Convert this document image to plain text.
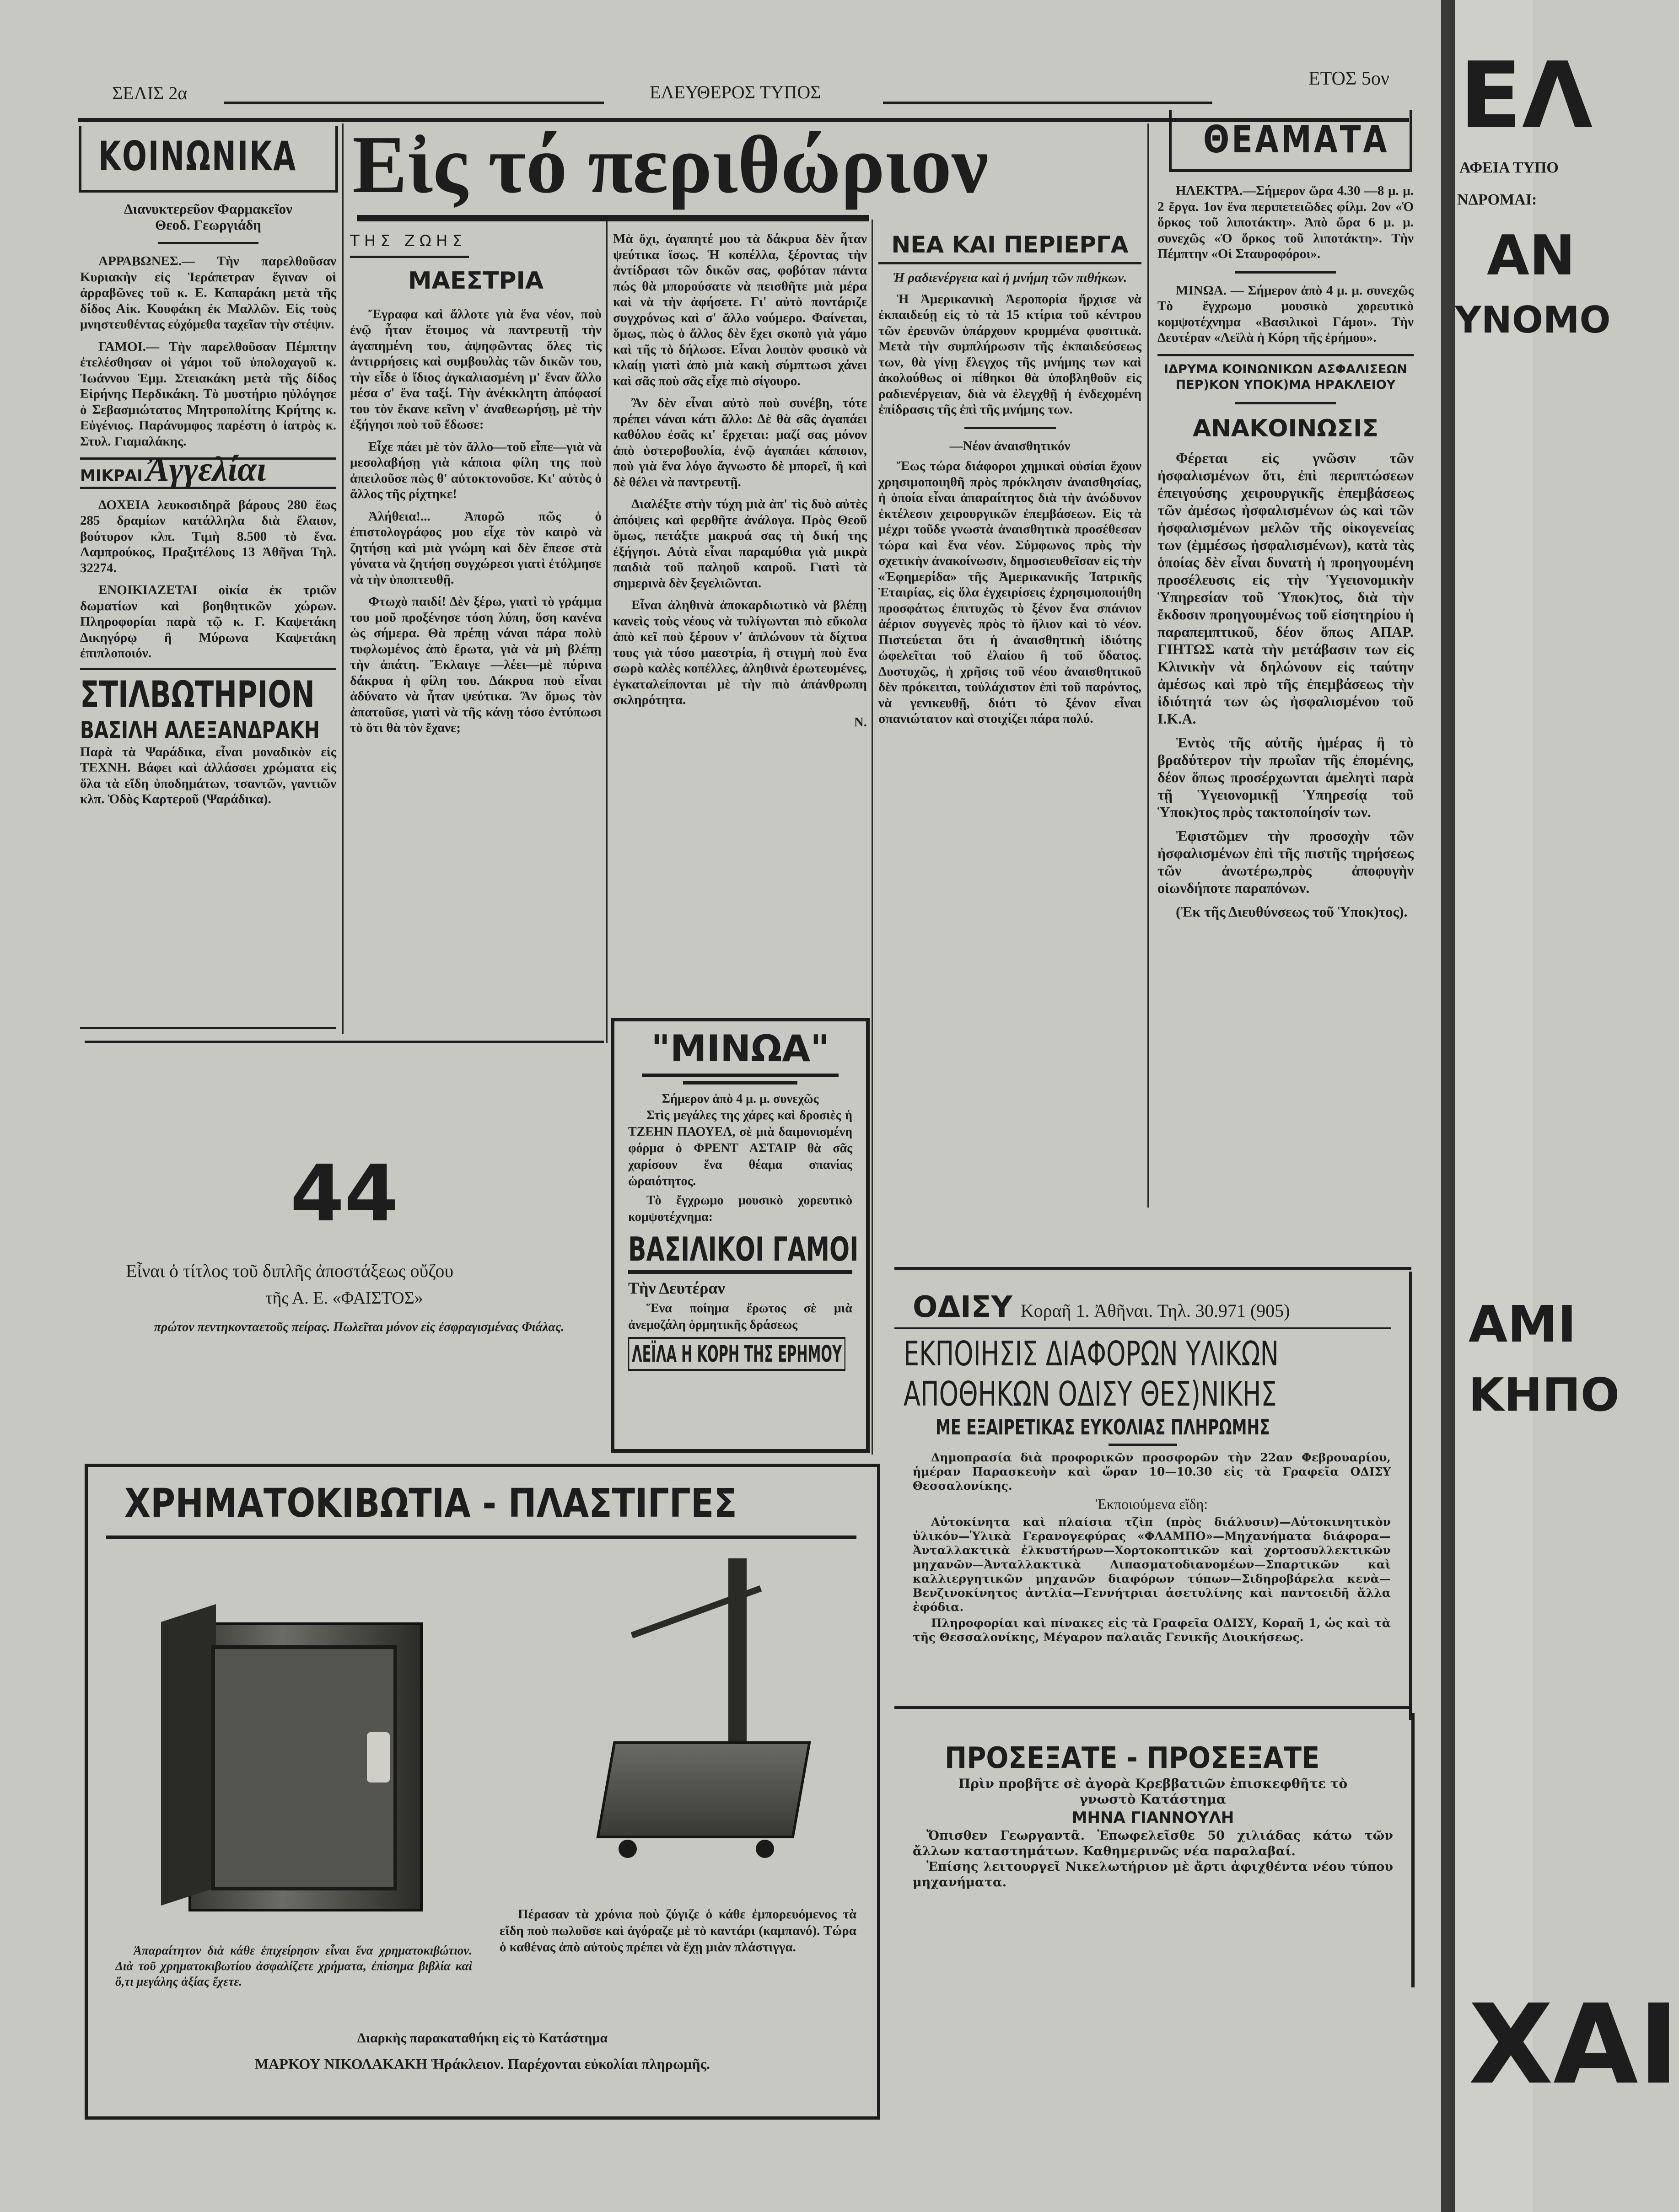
ΣΕΛΙΣ 2α	ΕΛΕΥΘΕΡΟΣ ΤΥΠΟΣ
ΕΤΟΣ 5ον
Εἰς τό περιθώριον
ΚΟΙΝΩΝΙΚΑ
Διανυκτερεῦον Φαρμακεῖον
Θεοδ. Γεωργιάδη

ΑΡΡΑΒΩΝΕΣ.— Τὴν παρελθοῦσαν Κυριακὴν εἰς Ἱεράπετραν ἔγιναν οἱ ἀρραβῶνες τοῦ κ. Ε. Καπαράκη μετὰ τῆς δίδος Αἰκ. Κουφάκη ἐκ Μαλλῶν. Εἰς τοὺς μνηστευθέντας εὐχόμεθα ταχεῖαν τὴν στέψιν.

ΓΑΜΟΙ.— Τὴν παρελθοῦσαν Πέμπτην ἐτελέσθησαν οἱ γάμοι τοῦ ὑπολοχαγοῦ κ. Ἰωάννου Ἐμμ. Στειακάκη μετὰ τῆς δίδος Εἰρήνης Περδικάκη. Τὸ μυστήριο ηὐλόγησε ὁ Σεβασμιώτατος Μητροπολίτης Κρήτης κ. Εὐγένιος. Παράνυμφος παρέστη ὁ ἰατρὸς κ. Στυλ. Γιαμαλάκης.

ΜΙΚΡΑΙ Ἀγγελίαι

ΔΟΧΕΙΑ λευκοσιδηρᾶ βάρους 280 ἕως 285 δραμίων κατάλληλα διὰ ἔλαιον, βούτυρον κλπ. Τιμὴ 8.500 τὸ ἕνα. Λαμπρούκος, Πραξιτέλους 13 Ἀθῆναι Τηλ. 32274.

ΕΝΟΙΚΙΑΖΕΤΑΙ οἰκία ἐκ τριῶν δωματίων καὶ βοηθητικῶν χώρων. Πληροφορίαι παρὰ τῷ κ. Γ. Καψετάκη Δικηγόρῳ ἢ Μύρωνα Καψετάκη ἐπιπλοποιόν.

ΣΤΙΛΒΩΤΗΡΙΟΝ
ΒΑΣΙΛΗ ΑΛΕΞΑΝΔΡΑΚΗ

Παρὰ τὰ Ψαράδικα, εἶναι μοναδικὸν εἰς ΤΕΧΝΗ. Βάφει καὶ ἀλλάσσει χρώματα εἰς ὅλα τὰ εἴδη ὑποδημάτων, τσαντῶν, γαντιῶν κλπ. Ὁδὸς Καρτεροῦ (Ψαράδικα).

ΤΗΣ ΖΩΗΣ
ΜΑΕΣΤΡΙΑ

Ἔγραφα καὶ ἄλλοτε γιὰ ἕνα νέον, ποὺ ἐνῷ ἦταν ἕτοιμος νὰ παντρευτῇ τὴν ἀγαπημένη του, ἀψηφῶντας ὅλες τὶς ἀντιρρήσεις καὶ συμβουλὰς τῶν δικῶν του, τὴν εἶδε ὁ ἴδιος ἀγκαλιασμένη μ' ἕναν ἄλλο μέσα σ' ἕνα ταξί. Τὴν ἀνέκκλητη ἀπόφασί του τὸν ἔκανε κεῖνη ν' ἀναθεωρήσῃ, μὲ τὴν ἐξήγησι ποὺ τοῦ ἔδωσε:

Εἶχε πάει μὲ τὸν ἄλλο—τοῦ εἶπε—γιὰ νὰ μεσολαβήσῃ γιὰ κάποια φίλη της ποὺ ἀπειλοῦσε πὼς θ' αὐτοκτονοῦσε. Κι' αὐτὸς ὁ ἄλλος τῆς ρίχτηκε!

Ἀλήθεια!... Ἀπορῶ πῶς ὁ ἐπιστολογράφος μου εἶχε τὸν καιρὸ νὰ ζητήσῃ καὶ μιὰ γνώμη καὶ δὲν ἔπεσε στὰ γόνατα νὰ ζητήσῃ συγχώρεσι γιατὶ ἐτόλμησε νὰ τὴν ὑποπτευθῇ.

Φτωχὸ παιδί! Δὲν ξέρω, γιατὶ τὸ γράμμα του μοῦ προξένησε τόση λύπη, ὅση κανένα ὡς σήμερα. Θὰ πρέπῃ νάναι πάρα πολὺ τυφλωμένος ἀπὸ ἔρωτα, γιὰ νὰ μὴ βλέπῃ τὴν ἀπάτη. Ἔκλαιγε —λέει—μὲ πύρινα δάκρυα ἡ φίλη του. Δάκρυα ποὺ εἶναι ἀδύνατο νὰ ἦταν ψεύτικα. Ἂν ὅμως τὸν ἀπατοῦσε, γιατὶ νὰ τῆς κάνῃ τόσο ἐντύπωσι τὸ ὅτι θὰ τὸν ἔχανε;

Μὰ ὄχι, ἀγαπητέ μου τὰ δάκρυα δὲν ἦταν ψεύτικα ἴσως. Ἡ κοπέλλα, ξέροντας τὴν ἀντίδρασι τῶν δικῶν σας, φοβόταν πάντα πώς θὰ μπορούσατε νὰ πεισθῆτε μιὰ μέρα καὶ νὰ τὴν ἀφήσετε. Γι' αὐτὸ ποντάριζε συγχρόνως καὶ σ' ἄλλο νούμερο. Φαίνεται, ὅμως, πὼς ὁ ἄλλος δὲν ἔχει σκοπὸ γιὰ γάμο καὶ τῆς τὸ δήλωσε. Εἶναι λοιπὸν φυσικὸ νὰ κλαίῃ γιατὶ ἀπὸ μιὰ κακὴ σύμπτωσι χάνει καὶ σᾶς ποὺ σᾶς εἶχε πιὸ σίγουρο.

Ἂν δὲν εἶναι αὐτὸ ποὺ συνέβη, τότε πρέπει νάναι κάτι ἄλλο: Δὲ θὰ σᾶς ἀγαπάει καθόλου ἐσᾶς κι' ἔρχεται: μαζί σας μόνον ἀπὸ ὑστεροβουλία, ἐνῷ ἀγαπάει κάποιον, ποὺ γιὰ ἕνα λόγο ἄγνωστο δὲ μπορεῖ, ἢ καὶ δὲ θέλει νὰ παντρευτῇ.

Διαλέξτε στὴν τύχη μιὰ ἀπ' τὶς δυὸ αὐτὲς ἀπόψεις καὶ φερθῆτε ἀνάλογα. Πρὸς Θεοῦ ὅμως, πετάξτε μακρυά σας τὴ δική της ἐξήγησι. Αὐτὰ εἶναι παραμύθια γιὰ μικρὰ παιδιὰ τοῦ παληοῦ καιροῦ. Γιατὶ τὰ σημερινὰ δὲν ξεγελιῶνται.

Εἶναι ἀληθινὰ ἀποκαρδιωτικὸ νὰ βλέπῃ κανεὶς τοὺς νέους νὰ τυλίγωνται πιὸ εὔκολα ἀπὸ κεῖ ποὺ ξέρουν ν' ἁπλώνουν τὰ δίχτυα τους γιὰ τόσο μαεστρία, ἢ στιγμὴ ποὺ ἕνα σωρὸ καλὲς κοπέλλες, ἀληθινὰ ἐρωτευμένες, ἐγκαταλείπονται μὲ τὴν πιὸ ἀπάνθρωπη σκληρότητα.

N.
ΝΕΑ ΚΑΙ ΠΕΡΙΕΡΓΑ
Ἡ ραδιενέργεια καὶ ἡ μνήμη τῶν πιθήκων.

Ἡ Ἀμερικανικὴ Ἀεροπορία ἤρχισε νὰ ἐκπαιδεύῃ εἰς τὸ τὰ 15 κτίρια τοῦ κέντρου τῶν ἐρευνῶν ὑπάρχουν κρυμμένα φυσιτικὰ. Μετὰ τὴν συμπλήρωσιν τῆς ἐκπαιδεύσεως των, θὰ γίνῃ ἔλεγχος τῆς μνήμης των καὶ ἀκολούθως οἱ πίθηκοι θὰ ὑποβληθοῦν εἰς ραδιενέργειαν, διὰ νὰ ἐλεγχθῇ ἡ ἐνδεχομένη ἐπίδρασις τῆς ἐπὶ τῆς μνήμης των.

—Νέον ἀναισθητικόν

Ἕως τώρα διάφοροι χημικαὶ οὐσίαι ἔχουν χρησιμοποιηθῆ πρὸς πρόκλησιν ἀναισθησίας, ἡ ὁποία εἶναι ἀπαραίτητος διὰ τὴν ἀνώδυνον ἐκτέλεσιν χειρουργικῶν ἐπεμβάσεων. Εἰς τὰ μέχρι τοῦδε γνωστὰ ἀναισθητικὰ προσέθεσαν τώρα καὶ ἕνα νέον. Σύμφωνος πρὸς τὴν σχετικὴν ἀνακοίνωσιν, δημοσιευθεῖσαν εἰς τὴν «Ἐφημερίδα» τῆς Ἀμερικανικῆς Ἰατρικῆς Ἑταιρίας, εἰς ὅλα ἐγχειρίσεις ἐχρησιμοποιήθη προσφάτως ἐπιτυχῶς τὸ ξένον ἔνα σπάνιον ἀέριον συγγενὲς πρὸς τὸ ἥλιον καὶ τὸ νέον. Πιστεύεται ὅτι ἡ ἀναισθητικὴ ἰδιότης ὠφελεῖται τοῦ ἐλαίου ἢ τοῦ ὕδατος. Δυστυχῶς, ἡ χρῆσις τοῦ νέου ἀναισθητικοῦ δὲν πρόκειται, τοὐλάχιστον ἐπὶ τοῦ παρόντος, νὰ γενικευθῇ, διότι τὸ ξένον εἶναι σπανιώτατον καὶ στοιχίζει πάρα πολύ.

ΘΕΑΜΑΤΑ

ΗΛΕΚΤΡΑ.—Σήμερον ὥρα 4.30 —8 μ. μ. 2 ἔργα. 1ον ἕνα περιπετειῶδες φίλμ. 2ον «Ὁ ὅρκος τοῦ λιποτάκτη». Ἀπὸ ὥρα 6 μ. μ. συνεχῶς «Ὁ ὅρκος τοῦ λιποτάκτη». Τὴν Πέμπτην «Οἱ Σταυροφόροι».

ΜΙΝΩΑ. — Σήμερον ἀπὸ 4 μ. μ. συνεχῶς Τὸ ἔγχρωμο μουσικὸ χορευτικὸ κομψοτέχνημα «Βασιλικοὶ Γάμοι». Τὴν Δευτέραν «Λεϊλὰ ἡ Κόρη τῆς ἐρήμου».

ΙΔΡΥΜΑ ΚΟΙΝΩΝΙΚΩΝ ΑΣΦΑΛΙΣΕΩΝ ΠΕΡ)ΚΟΝ ΥΠΟΚ)ΜΑ ΗΡΑΚΛΕΙΟΥ
ΑΝΑΚΟΙΝΩΣΙΣ

Φέρεται εἰς γνῶσιν τῶν ἠσφαλισμένων ὅτι, ἐπὶ περιπτώσεων ἐπειγούσης χειρουργικῆς ἐπεμβάσεως τῶν ἀμέσως ἠσφαλισμένων ὡς καὶ τῶν ἠσφαλισμένων μελῶν τῆς οἰκογενείας των (ἐμμέσως ἠσφαλισμένων), κατὰ τὰς ὁποίας δὲν εἶναι δυνατὴ ἡ προηγουμένη προσέλευσις εἰς τὴν Ὑγειονομικὴν Ὑπηρεσίαν τοῦ Ὑποκ)τος, διὰ τὴν ἔκδοσιν προηγουμένως τοῦ εἰσητηρίου ἡ παραπεμπτικοῦ, δέον ὅπως ΑΠΑΡ. ΓΙΗΤΩΣ κατὰ τὴν μετάβασιν των εἰς Κλινικὴν νὰ δηλώνουν εἰς ταύτην ἀμέσως καὶ πρὸ τῆς ἐπεμβάσεως τὴν ἰδιότητά των ὡς ἠσφαλισμένου τοῦ Ι.Κ.Α.

Ἐντὸς τῆς αὐτῆς ἡμέρας ἢ τὸ βραδύτερον τὴν πρωΐαν τῆς ἐπομένης, δέον ὅπως προσέρχωνται ἀμελητὶ παρὰ τῇ Ὑγειονομικῇ Ὑπηρεσίᾳ τοῦ Ὑποκ)τος πρὸς τακτοποίησίν των.

Ἐφιστῶμεν τὴν προσοχὴν τῶν ἠσφαλισμένων ἐπὶ τῆς πιστῆς τηρήσεως τῶν ἀνωτέρω,πρὸς ἀποφυγὴν οἱωνδήποτε παραπόνων.

(Ἐκ τῆς Διευθύνσεως τοῦ Ὑποκ)τος).

44
Εἶναι ὁ τίτλος τοῦ διπλῆς ἀποστάξεως οὔζου
τῆς Α. Ε. «ΦΑΙΣΤΟΣ»
πρώτον πεντηκονταετοῦς πείρας. Πωλεῖται μόνον εἰς ἐσφραγισμένας Φιάλας.
"ΜΙΝΩΑ"
Σήμερον ἀπὸ 4 μ. μ. συνεχῶς
Στὶς μεγάλες της χάρες καὶ δροσιὲς ἡ ΤΖΕΗΝ ΠΑΟΥΕΛ, σὲ μιὰ δαιμονισμένη φόρμα ὁ ΦΡΕΝΤ ΑΣΤΑΙΡ θὰ σᾶς χαρίσουν ἕνα θέαμα σπανίας ὡραιότητος.
Τὸ ἔγχρωμο μουσικὸ χορευτικὸ κομψοτέχνημα:
ΒΑΣΙΛΙΚΟΙ ΓΑΜΟΙ
Τὴν Δευτέραν
Ἕνα ποίημα ἔρωτος σὲ μιὰ ἀνεμοζάλη ὁρμητικῆς δράσεως
ΛΕΪΛΑ Η ΚΟΡΗ ΤΗΣ ΕΡΗΜΟΥ
ΧΡΗΜΑΤΟΚΙΒΩΤΙΑ - ΠΛΑΣΤΙΓΓΕΣ
Ἀπαραίτητον διὰ κάθε ἐπιχείρησιν εἶναι ἕνα χρηματοκιβώτιον. Διὰ τοῦ χρηματοκιβωτίου ἀσφαλίζετε χρήματα, ἐπίσημα βιβλία καὶ ὅ,τι μεγάλης ἀξίας ἔχετε.
Πέρασαν τὰ χρόνια ποὺ ζύγιζε ὁ κάθε ἐμπορευόμενος τὰ εἴδη ποὺ πωλοῦσε καὶ ἀγόραζε μὲ τὸ καντάρι (καμπανό). Τώρα ὁ καθένας ἀπὸ αὐτοὺς πρέπει νὰ ἔχῃ μιὰν πλάστιγγα.
Διαρκὴς παρακαταθήκη εἰς τὸ Κατάστημα
ΜΑΡΚΟΥ ΝΙΚΟΛΑΚΑΚΗ Ἡράκλειον. Παρέχονται εὐκολίαι πληρωμῆς.
ΟΔΙΣΥ Κοραῆ 1. Ἀθῆναι. Τηλ. 30.971 (905)
ΕΚΠΟΙΗΣΙΣ ΔΙΑΦΟΡΩΝ ΥΛΙΚΩΝ
ΑΠΟΘΗΚΩΝ ΟΔΙΣΥ ΘΕΣ)ΝΙΚΗΣ
ΜΕ ΕΞΑΙΡΕΤΙΚΑΣ ΕΥΚΟΛΙΑΣ ΠΛΗΡΩΜΗΣ
Δημοπρασία διὰ προφορικῶν προσφορῶν τὴν 22αν Φεβρουαρίου, ἡμέραν Παρασκευὴν καὶ ὥραν 10—10.30 εἰς τὰ Γραφεῖα ΟΔΙΣΥ Θεσσαλονίκης.
Ἐκποιούμενα εἴδη:
Αὐτοκίνητα καὶ πλαίσια τζὶπ (πρὸς διάλυσιν)—Αὐτοκινητικὸν ὑλικόν—Ὑλικὰ Γερανογεφύρας «ΦΛΑΜΠΟ»—Μηχανήματα διάφορα—Ἀνταλλακτικὰ ἑλκυστήρων—Χορτοκοπτικῶν καὶ χορτοσυλλεκτικῶν μηχανῶν—Ἀνταλλακτικὰ Λιπασματοδιανομέων—Σπαρτικῶν καὶ καλλιεργητικῶν μηχανῶν διαφόρων τύπων—Σιδηροβάρελα κενὰ—Βενζινοκίνητος ἀντλία—Γεννήτριαι ἀσετυλίνης καὶ παντοειδῆ ἄλλα ἐφόδια.
Πληροφορίαι καὶ πίνακες εἰς τὰ Γραφεῖα ΟΔΙΣΥ, Κοραῆ 1, ὡς καὶ τὰ τῆς Θεσσαλονίκης, Μέγαρον παλαιᾶς Γενικῆς Διοικήσεως.
ΠΡΟΣΕΞΑΤΕ - ΠΡΟΣΕΞΑΤΕ
Πρὶν προβῆτε σὲ ἀγορὰ Κρεββατιῶν ἐπισκεφθῆτε τὸ γνωστὸ Κατάστημα
ΜΗΝΑ ΓΙΑΝΝΟΥΛΗ
Ὄπισθεν Γεωργαντᾶ. Ἐπωφελεῖσθε 50 χιλιάδας κάτω τῶν ἄλλων καταστημάτων. Καθημερινῶς νέα παραλαβαί.
Ἐπίσης λειτουργεῖ Νικελωτήριον μὲ ἄρτι ἀφιχθέντα νέου τύπου μηχανήματα.
ΕΛ
ΑΦΕΙΑ ΤΥΠΟ
ΝΔΡΟΜΑΙ:
ΑΝ
ΥΝΟΜΟ
ΑΜΙ
ΚΗΠΟ
ΧΑΙ
